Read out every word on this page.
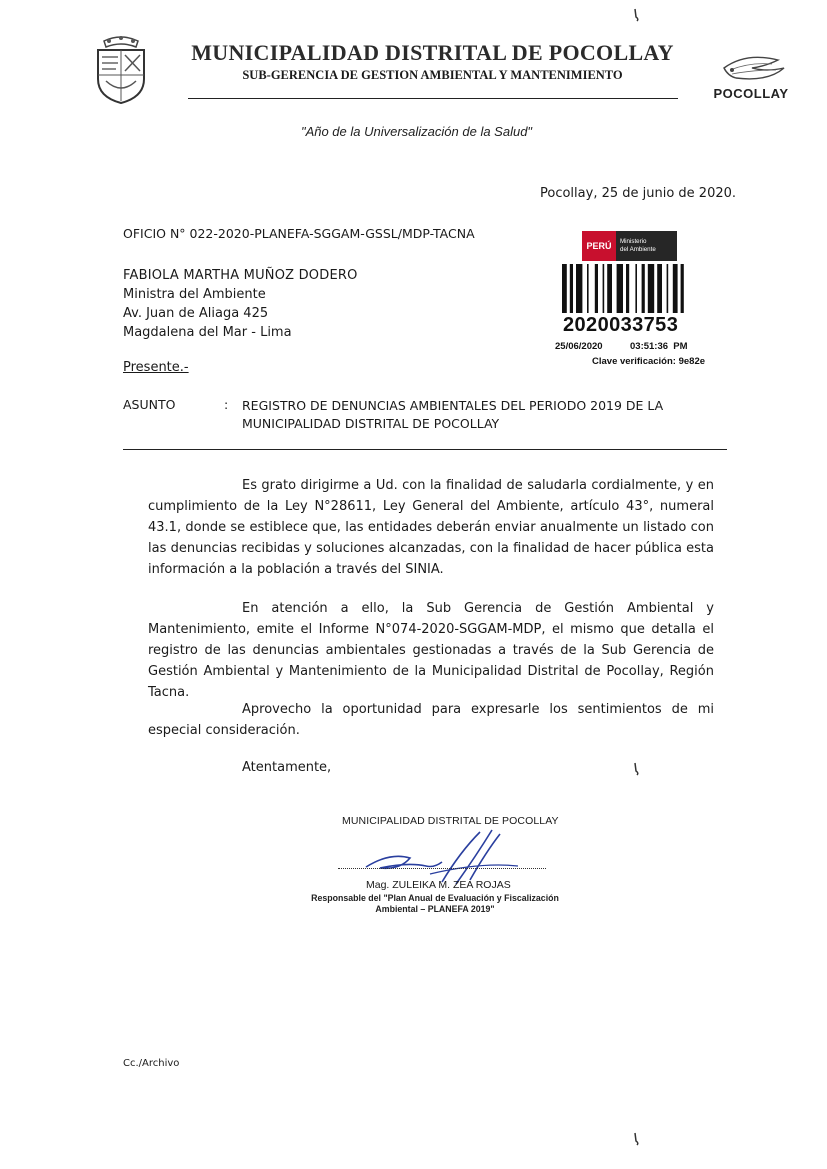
MUNICIPALIDAD DISTRITAL DE POCOLLAY
SUB-GERENCIA DE GESTION AMBIENTAL Y MANTENIMIENTO
POCOLLAY
"Año de la Universalización de la Salud"
Pocollay, 25 de junio de 2020.
OFICIO N° 022-2020-PLANEFA-SGGAM-GSSL/MDP-TACNA
PERÚ	Ministerio
del Ambiente
2020033753
25/06/2020	03:51:36  PM
Clave verificación: 9e82e
FABIOLA MARTHA MUÑOZ DODERO
Ministra del Ambiente
Av. Juan de Aliaga 425
Magdalena del Mar - Lima
Presente.-
ASUNTO	: REGISTRO DE DENUNCIAS AMBIENTALES DEL PERIODO 2019 DE LA
MUNICIPALIDAD DISTRITAL DE POCOLLAY
Es grato dirigirme a Ud. con la finalidad de saludarla cordialmente, y en cumplimiento de la Ley N°28611, Ley General del Ambiente, artículo 43°, numeral 43.1, donde se estiblece que, las entidades deberán enviar anualmente un listado con las denuncias recibidas y soluciones alcanzadas, con la finalidad de hacer pública esta información a la población a través del SINIA.
En atención a ello, la Sub Gerencia de Gestión Ambiental y Mantenimiento, emite el Informe N°074-2020-SGGAM-MDP, el mismo que detalla el registro de las denuncias ambientales gestionadas a través de la Sub Gerencia de Gestión Ambiental y Mantenimiento de la Municipalidad Distrital de Pocollay, Región Tacna.
Aprovecho la oportunidad para expresarle los sentimientos de mi especial consideración.
Atentamente,
MUNICIPALIDAD DISTRITAL DE POCOLLAY
Mag. ZULEIKA M. ZEA ROJAS
Responsable del "Plan Anual de Evaluación y Fiscalización
Ambiental – PLANEFA 2019"
Cc./Archivo
